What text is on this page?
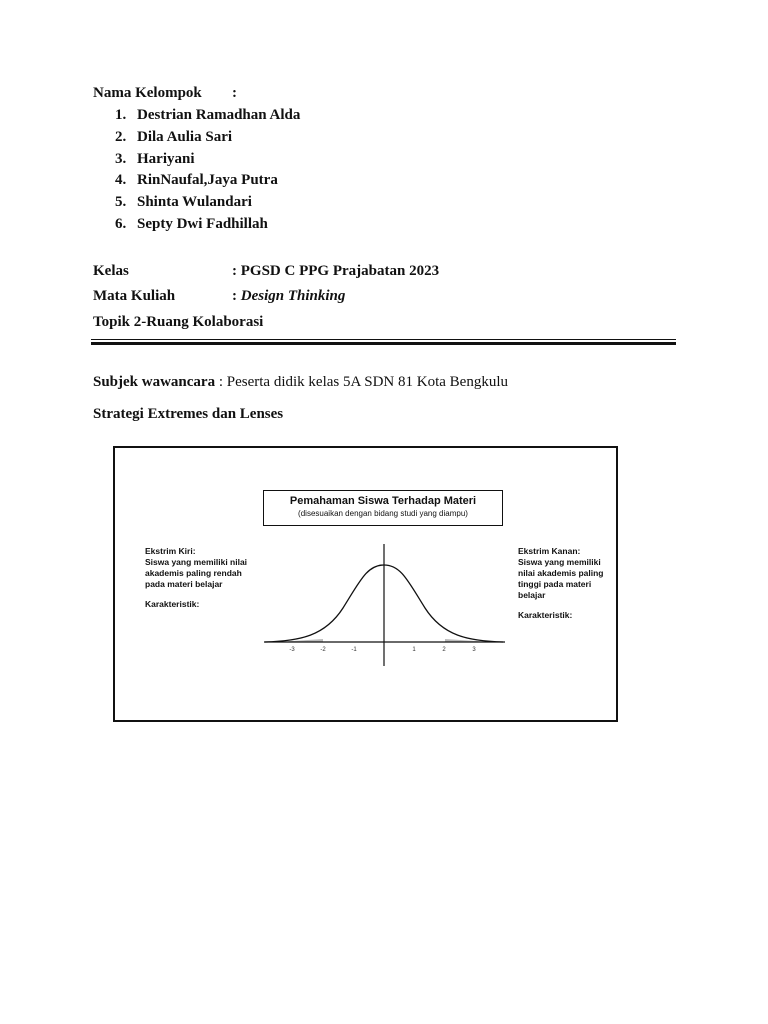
Nama Kelompok :
1. Destrian Ramadhan Alda
2. Dila Aulia Sari
3. Hariyani
4. RinNaufal,Jaya Putra
5. Shinta Wulandari
6. Septy Dwi Fadhillah
Kelas	: PGSD C PPG Prajabatan 2023
Mata Kuliah	: Design Thinking
Topik 2-Ruang Kolaborasi
Subjek wawancara : Peserta didik kelas 5A SDN 81 Kota Bengkulu
Strategi Extremes dan Lenses
Pemahaman Siswa Terhadap Materi
(disesuaikan dengan bidang studi yang diampu)
Ekstrim Kiri:
Siswa yang memiliki nilai
akademis paling rendah
pada materi belajar
Karakteristik:
Ekstrim Kanan:
Siswa yang memiliki
nilai akademis paling
tinggi pada materi
belajar
Karakteristik:
-3	-2	-1	1	2	3
